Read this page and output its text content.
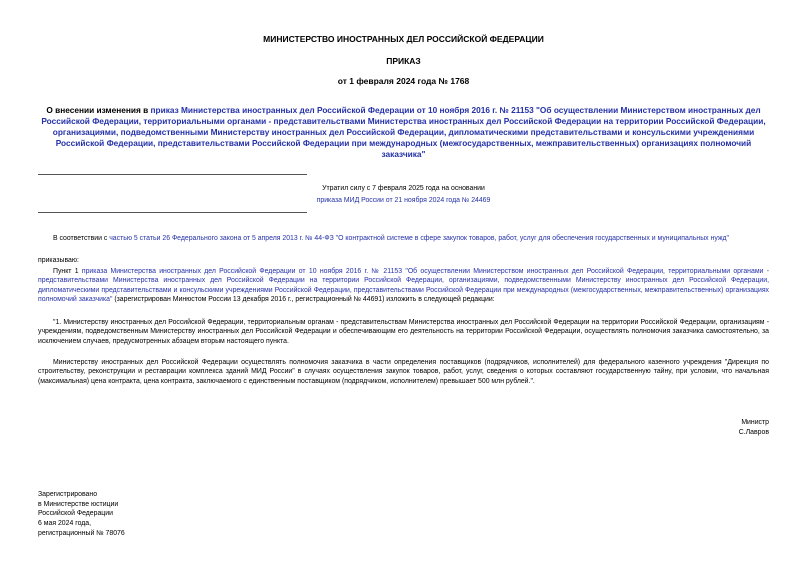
МИНИСТЕРСТВО ИНОСТРАННЫХ ДЕЛ РОССИЙСКОЙ ФЕДЕРАЦИИ
ПРИКАЗ
от 1 февраля 2024 года № 1768
О внесении изменения в приказ Министерства иностранных дел Российской Федерации от 10 ноября 2016 г. № 21153 "Об осуществлении Министерством иностранных дел Российской Федерации, территориальными органами - представительствами Министерства иностранных дел Российской Федерации на территории Российской Федерации, организациями, подведомственными Министерству иностранных дел Российской Федерации, дипломатическими представительствами и консульскими учреждениями Российской Федерации, представительствами Российской Федерации при международных (межгосударственных, межправительственных) организациях полномочий заказчика"
Утратил силу с 7 февраля 2025 года на основании
приказа МИД России от 21 ноября 2024 года № 24469
В соответствии с частью 5 статьи 26 Федерального закона от 5 апреля 2013 г. № 44-ФЗ "О контрактной системе в сфере закупок товаров, работ, услуг для обеспечения государственных и муниципальных нужд"
приказываю:
Пункт 1 приказа Министерства иностранных дел Российской Федерации от 10 ноября 2016 г. № 21153 "Об осуществлении Министерством иностранных дел Российской Федерации, территориальными органами - представительствами Министерства иностранных дел Российской Федерации на территории Российской Федерации, организациями, подведомственными Министерству иностранных дел Российской Федерации, дипломатическими представительствами и консульскими учреждениями Российской Федерации, представительствами Российской Федерации при международных (межгосударственных, межправительственных) организациях полномочий заказчика" (зарегистрирован Минюстом России 13 декабря 2016 г., регистрационный № 44691) изложить в следующей редакции:
"1. Министерству иностранных дел Российской Федерации, территориальным органам - представительствам Министерства иностранных дел Российской Федерации на территории Российской Федерации, организациям - учреждениям, подведомственным Министерству иностранных дел Российской Федерации и обеспечивающим его деятельность на территории Российской Федерации, осуществлять полномочия заказчика самостоятельно, за исключением случаев, предусмотренных абзацем вторым настоящего пункта.
Министерству иностранных дел Российской Федерации осуществлять полномочия заказчика в части определения поставщиков (подрядчиков, исполнителей) для федерального казенного учреждения "Дирекция по строительству, реконструкции и реставрации комплекса зданий МИД России" в случаях осуществления закупок товаров, работ, услуг, сведения о которых составляют государственную тайну, при условии, что начальная (максимальная) цена контракта, цена контракта, заключаемого с единственным поставщиком (подрядчиком, исполнителем) превышает 500 млн рублей.".
Министр
С.Лавров
Зарегистрировано
в Министерстве юстиции
Российской Федерации
6 мая 2024 года,
регистрационный № 78076
